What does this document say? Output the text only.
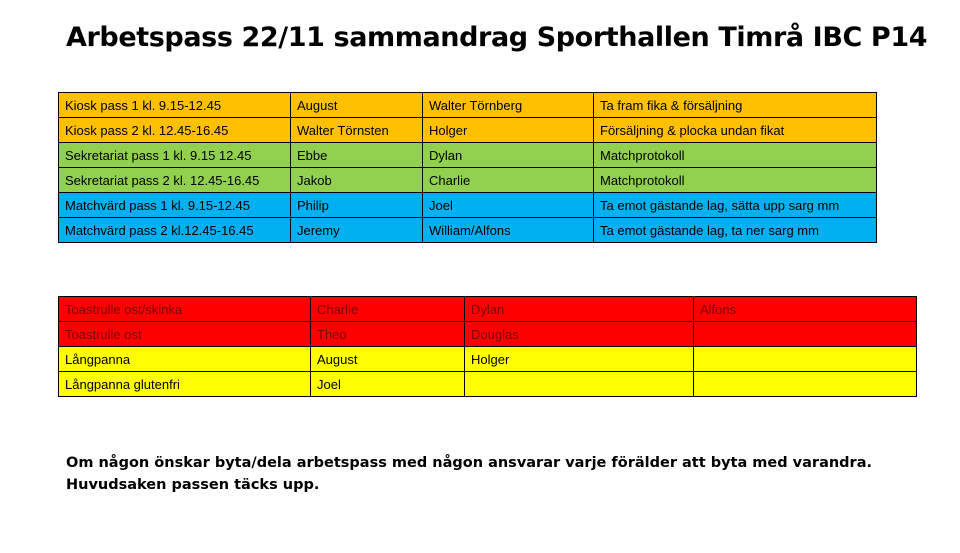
Arbetspass 22/11 sammandrag Sporthallen Timrå IBC P14
Kiosk pass 1 kl. 9.15-12.45	August	Walter Törnberg	Ta fram fika & försäljning
Kiosk pass 2 kl. 12.45-16.45	Walter Törnsten	Holger	Försäljning & plocka undan fikat
Sekretariat pass 1 kl. 9.15 12.45	Ebbe	Dylan	Matchprotokoll
Sekretariat pass 2 kl. 12.45-16.45	Jakob	Charlie	Matchprotokoll
Matchvärd pass 1 kl. 9.15-12.45	Philip	Joel	Ta emot gästande lag, sätta upp sarg mm
Matchvärd pass 2 kl.12.45-16.45	Jeremy	William/Alfons	Ta emot gästande lag, ta ner sarg mm
Toastrulle ost/skinka	Charlie	Dylan	Alfons
Toastrulle ost	Theo	Douglas	
Långpanna	August	Holger	
Långpanna glutenfri	Joel		
Om någon önskar byta/dela arbetspass med någon ansvarar varje förälder att byta med varandra.
Huvudsaken passen täcks upp.
